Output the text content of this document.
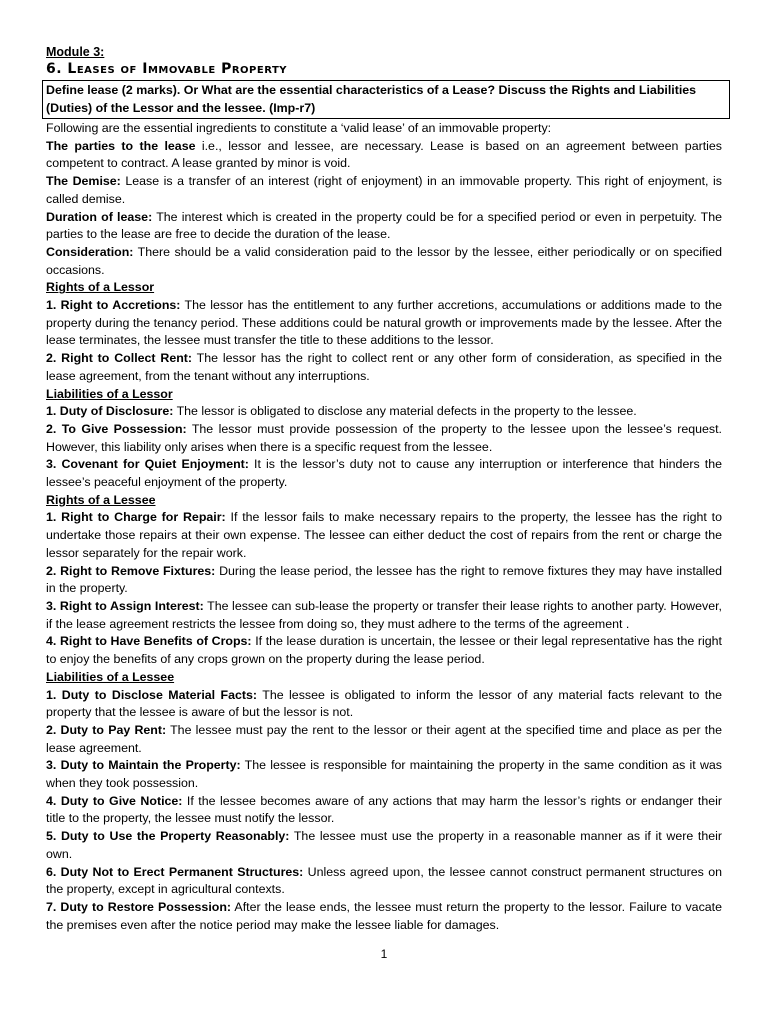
Module 3:
6. Leases of Immovable Property
Define lease (2 marks). Or What are the essential characteristics of a Lease? Discuss the Rights and Liabilities (Duties) of the Lessor and the lessee. (Imp-r7)

Following are the essential ingredients to constitute a ‘valid lease’ of an immovable property:

The parties to the lease i.e., lessor and lessee, are necessary. Lease is based on an agreement between parties competent to contract. A lease granted by minor is void.

The Demise: Lease is a transfer of an interest (right of enjoyment) in an immovable property. This right of enjoyment, is called demise.

Duration of lease: The interest which is created in the property could be for a specified period or even in perpetuity. The parties to the lease are free to decide the duration of the lease.

Consideration: There should be a valid consideration paid to the lessor by the lessee, either periodically or on specified occasions.

Rights of a Lessor

1. Right to Accretions: The lessor has the entitlement to any further accretions, accumulations or additions made to the property during the tenancy period. These additions could be natural growth or improvements made by the lessee. After the lease terminates, the lessee must transfer the title to these additions to the lessor.

2. Right to Collect Rent: The lessor has the right to collect rent or any other form of consideration, as specified in the lease agreement, from the tenant without any interruptions.

Liabilities of a Lessor

1. Duty of Disclosure: The lessor is obligated to disclose any material defects in the property to the lessee.

2. To Give Possession: The lessor must provide possession of the property to the lessee upon the lessee’s request. However, this liability only arises when there is a specific request from the lessee.

3. Covenant for Quiet Enjoyment: It is the lessor’s duty not to cause any interruption or interference that hinders the lessee’s peaceful enjoyment of the property.

Rights of a Lessee

1. Right to Charge for Repair: If the lessor fails to make necessary repairs to the property, the lessee has the right to undertake those repairs at their own expense. The lessee can either deduct the cost of repairs from the rent or charge the lessor separately for the repair work.

2. Right to Remove Fixtures: During the lease period, the lessee has the right to remove fixtures they may have installed in the property.

3. Right to Assign Interest: The lessee can sub-lease the property or transfer their lease rights to another party. However, if the lease agreement restricts the lessee from doing so, they must adhere to the terms of the agreement .

4. Right to Have Benefits of Crops: If the lease duration is uncertain, the lessee or their legal representative has the right to enjoy the benefits of any crops grown on the property during the lease period.

Liabilities of a Lessee

1. Duty to Disclose Material Facts: The lessee is obligated to inform the lessor of any material facts relevant to the property that the lessee is aware of but the lessor is not.

2. Duty to Pay Rent: The lessee must pay the rent to the lessor or their agent at the specified time and place as per the lease agreement.

3. Duty to Maintain the Property: The lessee is responsible for maintaining the property in the same condition as it was when they took possession.

4. Duty to Give Notice: If the lessee becomes aware of any actions that may harm the lessor’s rights or endanger their title to the property, the lessee must notify the lessor.

5. Duty to Use the Property Reasonably: The lessee must use the property in a reasonable manner as if it were their own.

6. Duty Not to Erect Permanent Structures: Unless agreed upon, the lessee cannot construct permanent structures on the property, except in agricultural contexts.

7. Duty to Restore Possession: After the lease ends, the lessee must return the property to the lessor. Failure to vacate the premises even after the notice period may make the lessee liable for damages.

1
